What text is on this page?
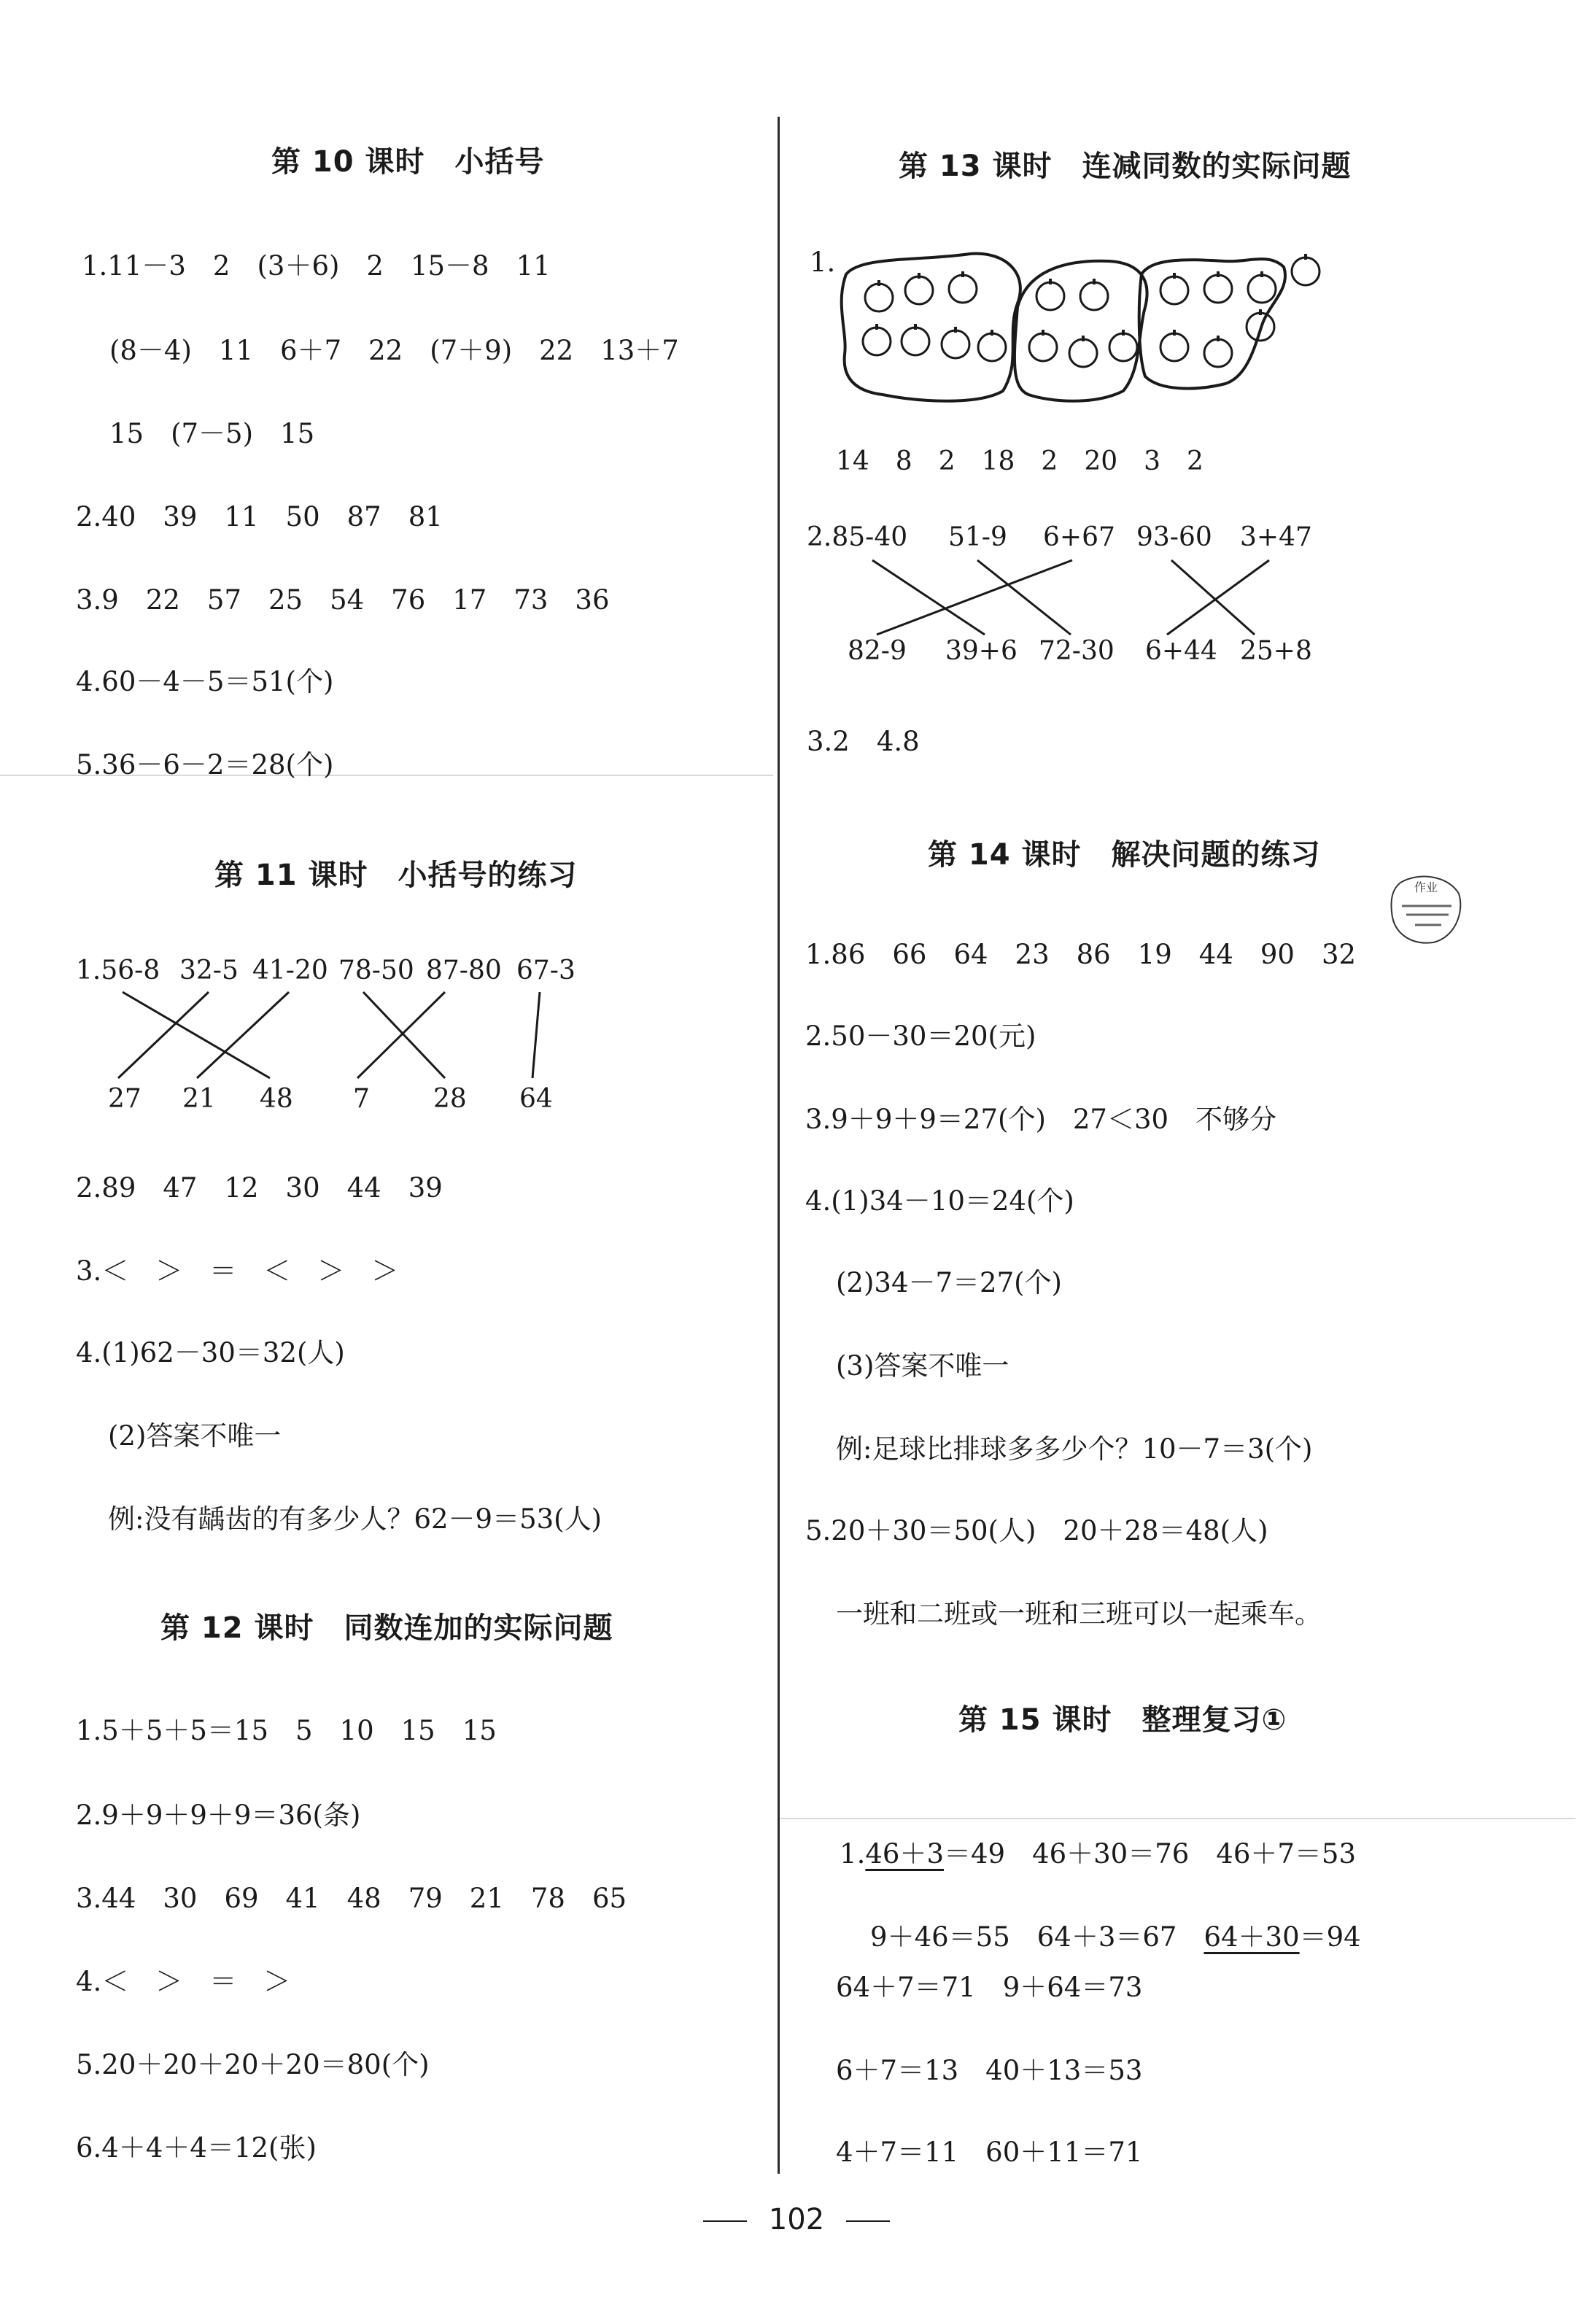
第 10 课时　小括号
1.11－3　2　(3＋6)　2　15－8　11
(8－4)　11　6＋7　22　(7＋9)　22　13＋7
15　(7－5)　15
2.40　39　11　50　87　81
3.9　22　57　25　54　76　17　73　36
4.60－4－5＝51(个)
5.36－6－2＝28(个)
第 11 课时　小括号的练习
1.56-8 32-5 41-20 78-50 87-80 67-3
27 21 48 7 28 64
2.89　47　12　30　44　39
3.＜　＞　＝　＜　＞　＞
4.(1)62－30＝32(人)
(2)答案不唯一
例:没有龋齿的有多少人？62－9＝53(人)
第 12 课时　同数连加的实际问题
1.5＋5＋5＝15　5　10　15　15
2.9＋9＋9＋9＝36(条)
3.44　30　69　41　48　79　21　78　65
4.＜　＞　＝　＞
5.20＋20＋20＋20＝80(个)
6.4＋4＋4＝12(张)
第 13 课时　连减同数的实际问题
1.
14　8　2　18　2　20　3　2
2.85-40 51-9 6+67 93-60 3+47
82-9 39+6 72-30 6+44 25+8
3.2　4.8
第 14 课时　解决问题的练习
作业
1.86　66　64　23　86　19　44　90　32
2.50－30＝20(元)
3.9＋9＋9＝27(个)　27＜30　不够分
4.(1)34－10＝24(个)
(2)34－7＝27(个)
(3)答案不唯一
例:足球比排球多多少个？10－7＝3(个)
5.20＋30＝50(人)　20＋28＝48(人)
一班和二班或一班和三班可以一起乘车。
第 15 课时　整理复习①

1.46＋3＝49　46＋30＝76　46＋7＝53

9＋46＝55　64＋3＝67　64＋30＝94

64＋7＝71　9＋64＝73
6＋7＝13　40＋13＝53
4＋7＝11　60＋11＝71
102
